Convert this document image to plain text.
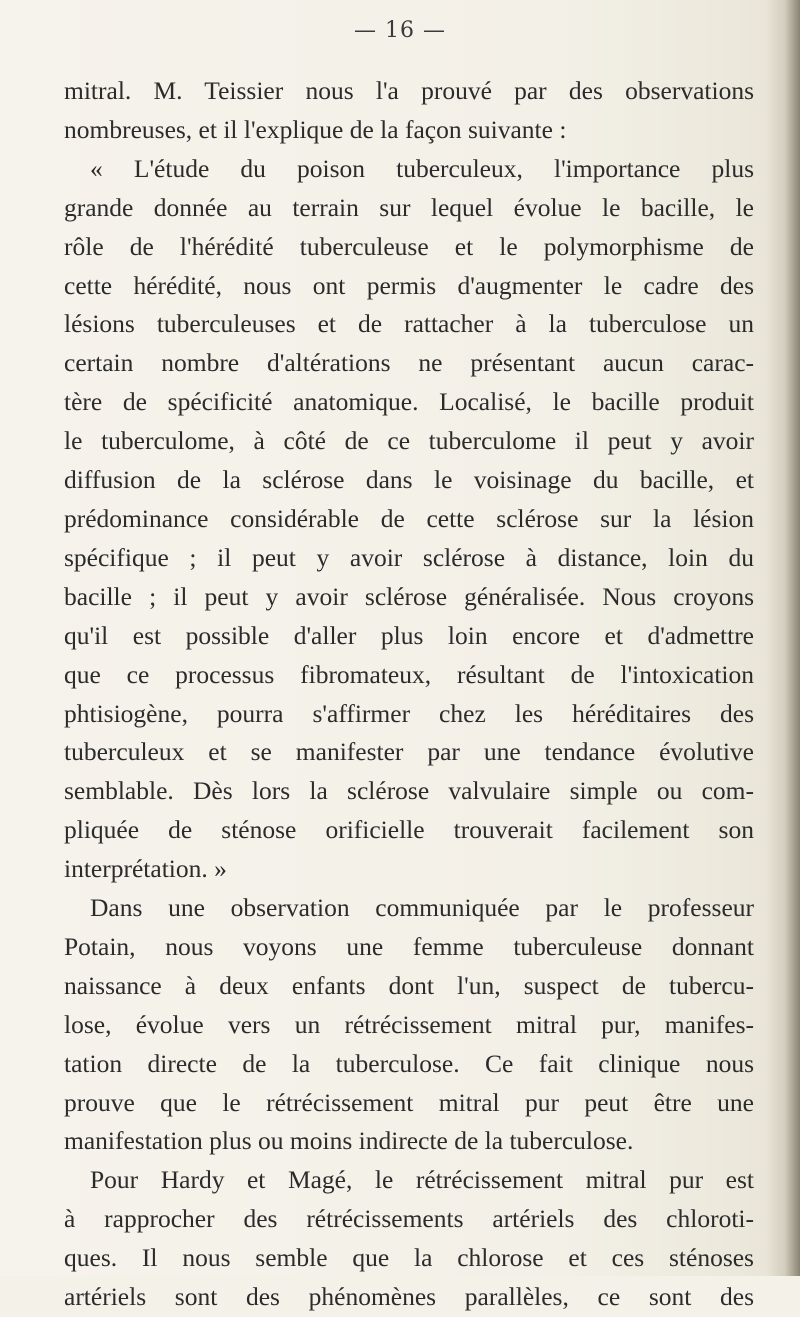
— 16 —
mitral. M. Teissier nous l'a prouvé par des observations
nombreuses, et il l'explique de la façon suivante :
« L'étude du poison tuberculeux, l'importance plus
grande donnée au terrain sur lequel évolue le bacille, le
rôle de l'hérédité tuberculeuse et le polymorphisme de
cette hérédité, nous ont permis d'augmenter le cadre des
lésions tuberculeuses et de rattacher à la tuberculose un
certain nombre d'altérations ne présentant aucun carac-
tère de spécificité anatomique. Localisé, le bacille produit
le tuberculome, à côté de ce tuberculome il peut y avoir
diffusion de la sclérose dans le voisinage du bacille, et
prédominance considérable de cette sclérose sur la lésion
spécifique ; il peut y avoir sclérose à distance, loin du
bacille ; il peut y avoir sclérose généralisée. Nous croyons
qu'il est possible d'aller plus loin encore et d'admettre
que ce processus fibromateux, résultant de l'intoxication
phtisiogène, pourra s'affirmer chez les héréditaires des
tuberculeux et se manifester par une tendance évolutive
semblable. Dès lors la sclérose valvulaire simple ou com-
pliquée de sténose orificielle trouverait facilement son
interprétation. »
Dans une observation communiquée par le professeur
Potain, nous voyons une femme tuberculeuse donnant
naissance à deux enfants dont l'un, suspect de tubercu-
lose, évolue vers un rétrécissement mitral pur, manifes-
tation directe de la tuberculose. Ce fait clinique nous
prouve que le rétrécissement mitral pur peut être une
manifestation plus ou moins indirecte de la tuberculose.
Pour Hardy et Magé, le rétrécissement mitral pur est
à rapprocher des rétrécissements artériels des chloroti-
ques. Il nous semble que la chlorose et ces sténoses
artériels sont des phénomènes parallèles, ce sont des
